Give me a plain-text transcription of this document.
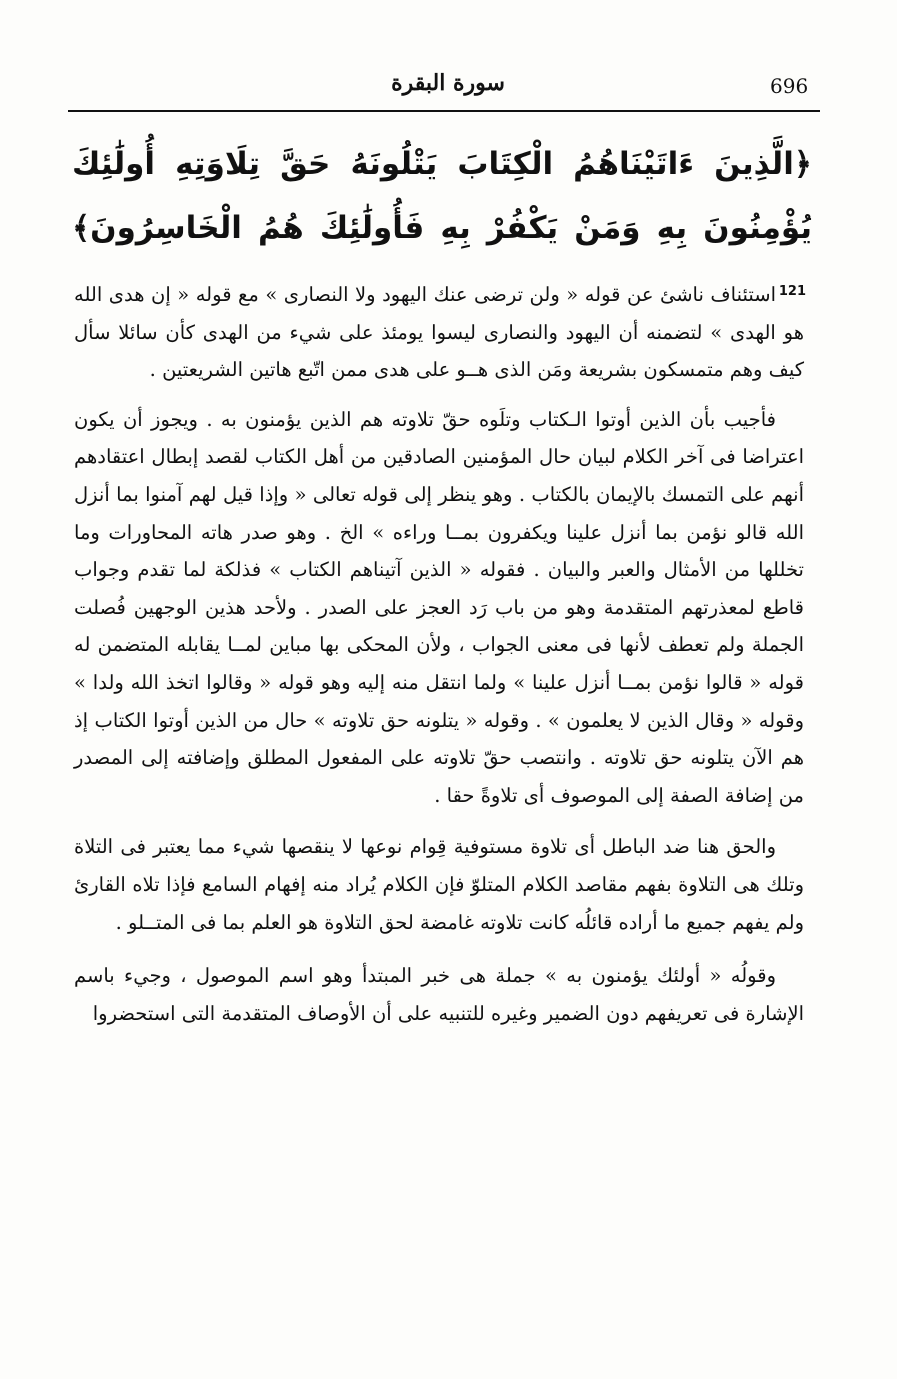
سورة البقرة	696
﴿الَّذِينَ ءَاتَيْنَاهُمُ الْكِتَابَ يَتْلُونَهُ حَقَّ تِلَاوَتِهِ أُولَٰئِكَ يُؤْمِنُونَ بِهِ وَمَنْ يَكْفُرْ بِهِ فَأُولَٰئِكَ هُمُ الْخَاسِرُونَ﴾ $^{121}$

استئناف ناشئ عن قوله « ولن ترضى عنك اليهود ولا النصارى » مع قوله « إن هدى الله هو الهدى » لتضمنه أن اليهود والنصارى ليسوا يومئذ على شيء من الهدى كأن سائلا سأل كيف وهم متمسكون بشريعة ومَن الذى هــو على هدى ممن اتّبع هاتين الشريعتين .

فأجيب بأن الذين أوتوا الـكتاب وتلَوه حقّ تلاوته هم الذين يؤمنون به . ويجوز أن يكون اعتراضا فى آخر الكلام لبيان حال المؤمنين الصادقين من أهل الكتاب لقصد إبطال اعتقادهم أنهم على التمسك بالإيمان بالكتاب . وهو ينظر إلى قوله تعالى « وإذا قيل لهم آمنوا بما أنزل الله قالو نؤمن بما أنزل علينا ويكفرون بمــا وراءه » الخ . وهو صدر هاته المحاورات وما تخللها من الأمثال والعبر والبيان . فقوله « الذين آتيناهم الكتاب » فذلكة لما تقدم وجواب قاطع لمعذرتهم المتقدمة وهو من باب رَد العجز على الصدر . ولأحد هذين الوجهين فُصلت الجملة ولم تعطف لأنها فى معنى الجواب ، ولأن المحكى بها مباين لمــا يقابله المتضمن له قوله « قالوا نؤمن بمــا أنزل علينا » ولما انتقل منه إليه وهو قوله « وقالوا اتخذ الله ولدا » وقوله « وقال الذين لا يعلمون » . وقوله « يتلونه حق تلاوته » حال من الذين أوتوا الكتاب إذ هم الآن يتلونه حق تلاوته . وانتصب حقّ تلاوته على المفعول المطلق وإضافته إلى المصدر من إضافة الصفة إلى الموصوف أى تلاوةً حقا .

والحق هنا ضد الباطل أى تلاوة مستوفية قِوام نوعها لا ينقصها شيء مما يعتبر فى التلاة وتلك هى التلاوة بفهم مقاصد الكلام المتلوّ فإن الكلام يُراد منه إفهام السامع فإذا تلاه القارئ ولم يفهم جميع ما أراده قائلُه كانت تلاوته غامضة لحق التلاوة هو العلم بما فى المتــلو .

وقولُه « أولئك يؤمنون به » جملة هى خبر المبتدأ وهو اسم الموصول ، وجيء باسم الإشارة فى تعريفهم دون الضمير وغيره للتنبيه على أن الأوصاف المتقدمة التى استحضروا
